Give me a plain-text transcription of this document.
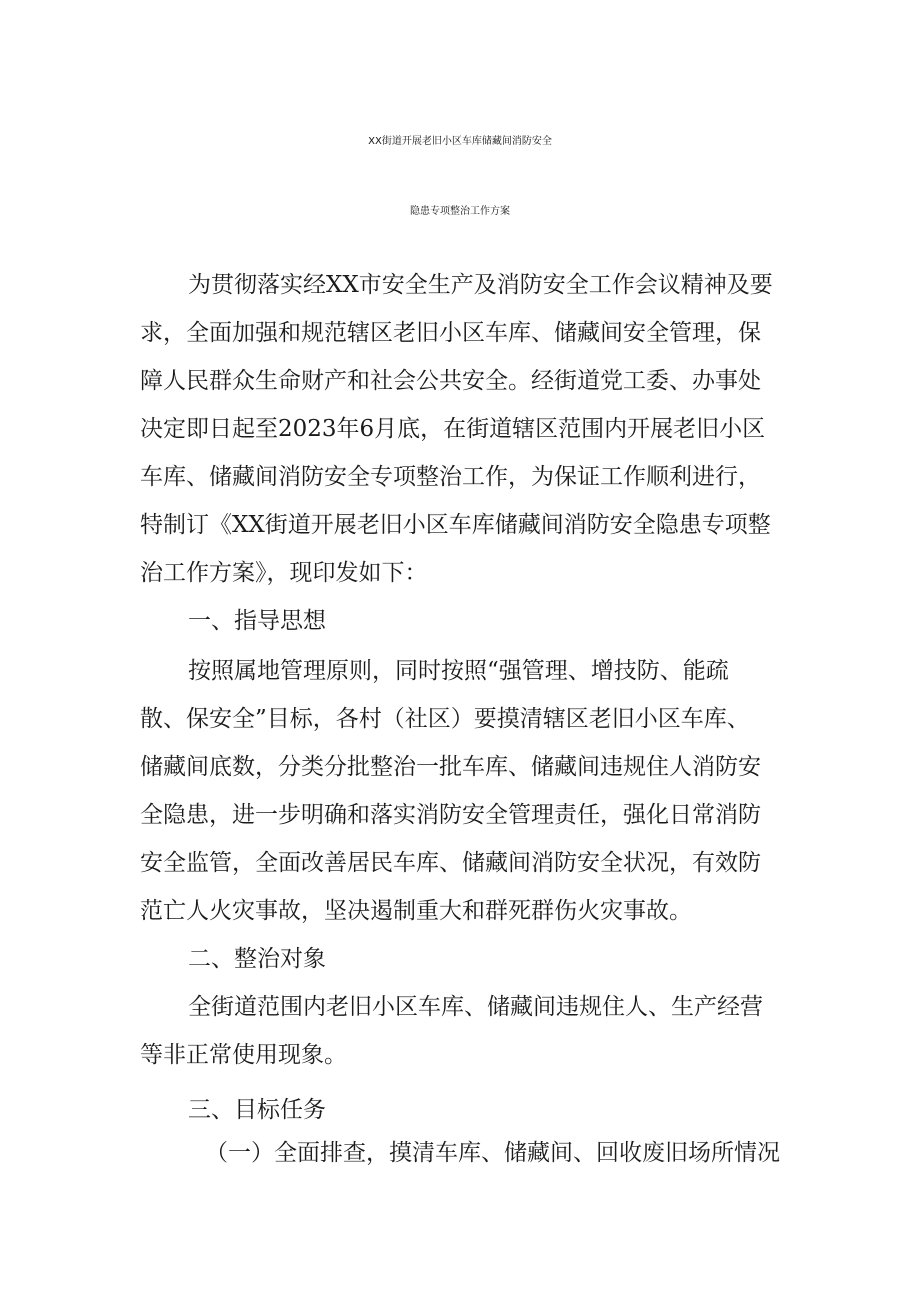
XX街道开展老旧小区车库储藏间消防安全
隐患专项整治工作方案
为贯彻落实经XX市安全生产及消防安全工作会议精神及要
求，全面加强和规范辖区老旧小区车库、储藏间安全管理，保
障人民群众生命财产和社会公共安全。经街道党工委、办事处
决定即日起至2023年6月底，在街道辖区范围内开展老旧小区
车库、储藏间消防安全专项整治工作，为保证工作顺利进行，
特制订《XX街道开展老旧小区车库储藏间消防安全隐患专项整
治工作方案》，现印发如下：
一、指导思想
按照属地管理原则，同时按照“强管理、增技防、能疏
散、保安全”目标，各村（社区）要摸清辖区老旧小区车库、
储藏间底数，分类分批整治一批车库、储藏间违规住人消防安
全隐患，进一步明确和落实消防安全管理责任，强化日常消防
安全监管，全面改善居民车库、储藏间消防安全状况，有效防
范亡人火灾事故，坚决遏制重大和群死群伤火灾事故。
二、整治对象
全街道范围内老旧小区车库、储藏间违规住人、生产经营
等非正常使用现象。
三、目标任务
（一）全面排查，摸清车库、储藏间、回收废旧场所情况
